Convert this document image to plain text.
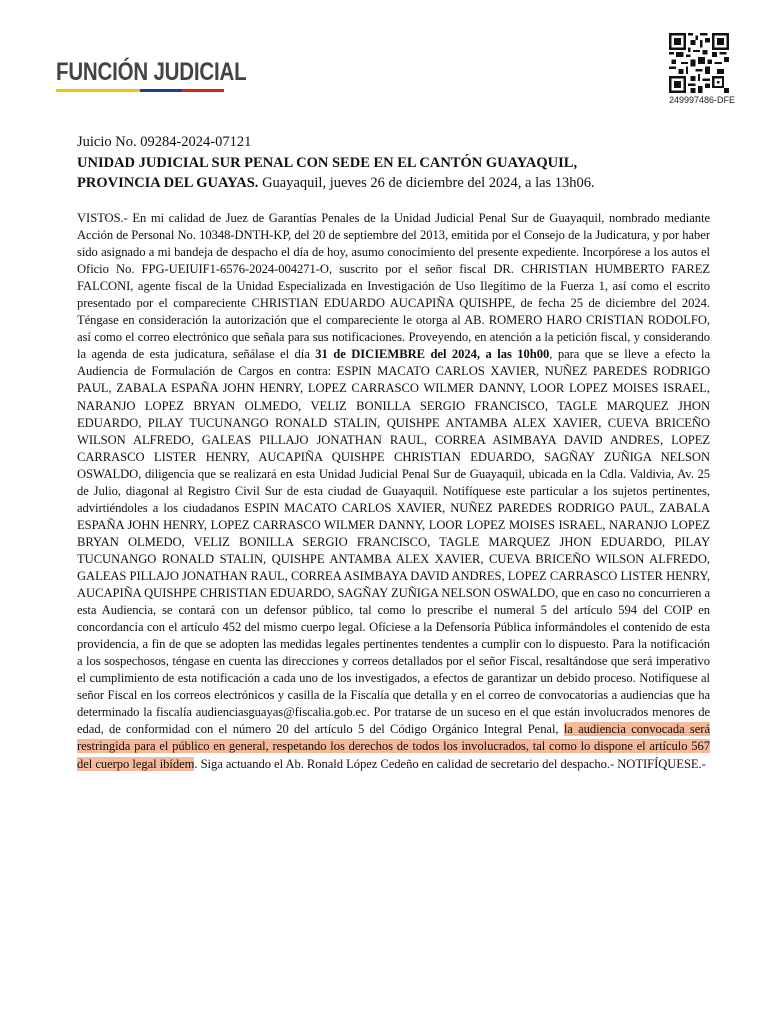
FUNCIÓN JUDICIAL
249997486-DFE
Juicio No. 09284-2024-07121
UNIDAD JUDICIAL SUR PENAL CON SEDE EN EL CANTÓN GUAYAQUIL,
PROVINCIA DEL GUAYAS. Guayaquil, jueves 26 de diciembre del 2024, a las 13h06.
VISTOS.- En mi calidad de Juez de Garantías Penales de la Unidad Judicial Penal Sur de Guayaquil, nombrado mediante Acción de Personal No. 10348-DNTH-KP, del 20 de septiembre del 2013, emitida por el Consejo de la Judicatura, y por haber sido asignado a mi bandeja de despacho el día de hoy, asumo conocimiento del presente expediente. Incorpórese a los autos el Oficio No. FPG-UEIUIF1-6576-2024-004271-O, suscrito por el señor fiscal DR. CHRISTIAN HUMBERTO FAREZ FALCONI, agente fiscal de la Unidad Especializada en Investigación de Uso Ilegítimo de la Fuerza 1, así como el escrito presentado por el compareciente CHRISTIAN EDUARDO AUCAPIÑA QUISHPE, de fecha 25 de diciembre del 2024. Téngase en consideración la autorización que el compareciente le otorga al AB. ROMERO HARO CRISTIAN RODOLFO, así como el correo electrónico que señala para sus notificaciones. Proveyendo, en atención a la petición fiscal, y considerando la agenda de esta judicatura, señálase el día 31 de DICIEMBRE del 2024, a las 10h00, para que se lleve a efecto la Audiencia de Formulación de Cargos en contra: ESPIN MACATO CARLOS XAVIER, NUÑEZ PAREDES RODRIGO PAUL, ZABALA ESPAÑA JOHN HENRY, LOPEZ CARRASCO WILMER DANNY, LOOR LOPEZ MOISES ISRAEL, NARANJO LOPEZ BRYAN OLMEDO, VELIZ BONILLA SERGIO FRANCISCO, TAGLE MARQUEZ JHON EDUARDO, PILAY TUCUNANGO RONALD STALIN, QUISHPE ANTAMBA ALEX XAVIER, CUEVA BRICEÑO WILSON ALFREDO, GALEAS PILLAJO JONATHAN RAUL, CORREA ASIMBAYA DAVID ANDRES, LOPEZ CARRASCO LISTER HENRY, AUCAPIÑA QUISHPE CHRISTIAN EDUARDO, SAGÑAY ZUÑIGA NELSON OSWALDO, diligencia que se realizará en esta Unidad Judicial Penal Sur de Guayaquil, ubicada en la Cdla. Valdivia, Av. 25 de Julio, diagonal al Registro Civil Sur de esta ciudad de Guayaquil. Notifíquese este particular a los sujetos pertinentes, advirtiéndoles a los ciudadanos ESPIN MACATO CARLOS XAVIER, NUÑEZ PAREDES RODRIGO PAUL, ZABALA ESPAÑA JOHN HENRY, LOPEZ CARRASCO WILMER DANNY, LOOR LOPEZ MOISES ISRAEL, NARANJO LOPEZ BRYAN OLMEDO, VELIZ BONILLA SERGIO FRANCISCO, TAGLE MARQUEZ JHON EDUARDO, PILAY TUCUNANGO RONALD STALIN, QUISHPE ANTAMBA ALEX XAVIER, CUEVA BRICEÑO WILSON ALFREDO, GALEAS PILLAJO JONATHAN RAUL, CORREA ASIMBAYA DAVID ANDRES, LOPEZ CARRASCO LISTER HENRY, AUCAPIÑA QUISHPE CHRISTIAN EDUARDO, SAGÑAY ZUÑIGA NELSON OSWALDO, que en caso no concurrieren a esta Audiencia, se contará con un defensor público, tal como lo prescribe el numeral 5 del artículo 594 del COIP en concordancia con el artículo 452 del mismo cuerpo legal. Ofíciese a la Defensoría Pública informándoles el contenido de esta providencia, a fin de que se adopten las medidas legales pertinentes tendentes a cumplir con lo dispuesto. Para la notificación a los sospechosos, téngase en cuenta las direcciones y correos detallados por el señor Fiscal, resaltándose que será imperativo el cumplimiento de esta notificación a cada uno de los investigados, a efectos de garantizar un debido proceso. Notifíquese al señor Fiscal en los correos electrónicos y casilla de la Fiscalía que detalla y en el correo de convocatorias a audiencias que ha determinado la fiscalía audienciasguayas@fiscalia.gob.ec. Por tratarse de un suceso en el que están involucrados menores de edad, de conformidad con el número 20 del artículo 5 del Código Orgánico Integral Penal, la audiencia convocada será restringida para el público en general, respetando los derechos de todos los involucrados, tal como lo dispone el artículo 567 del cuerpo legal ibídem. Siga actuando el Ab. Ronald López Cedeño en calidad de secretario del despacho.- NOTIFÍQUESE.-
